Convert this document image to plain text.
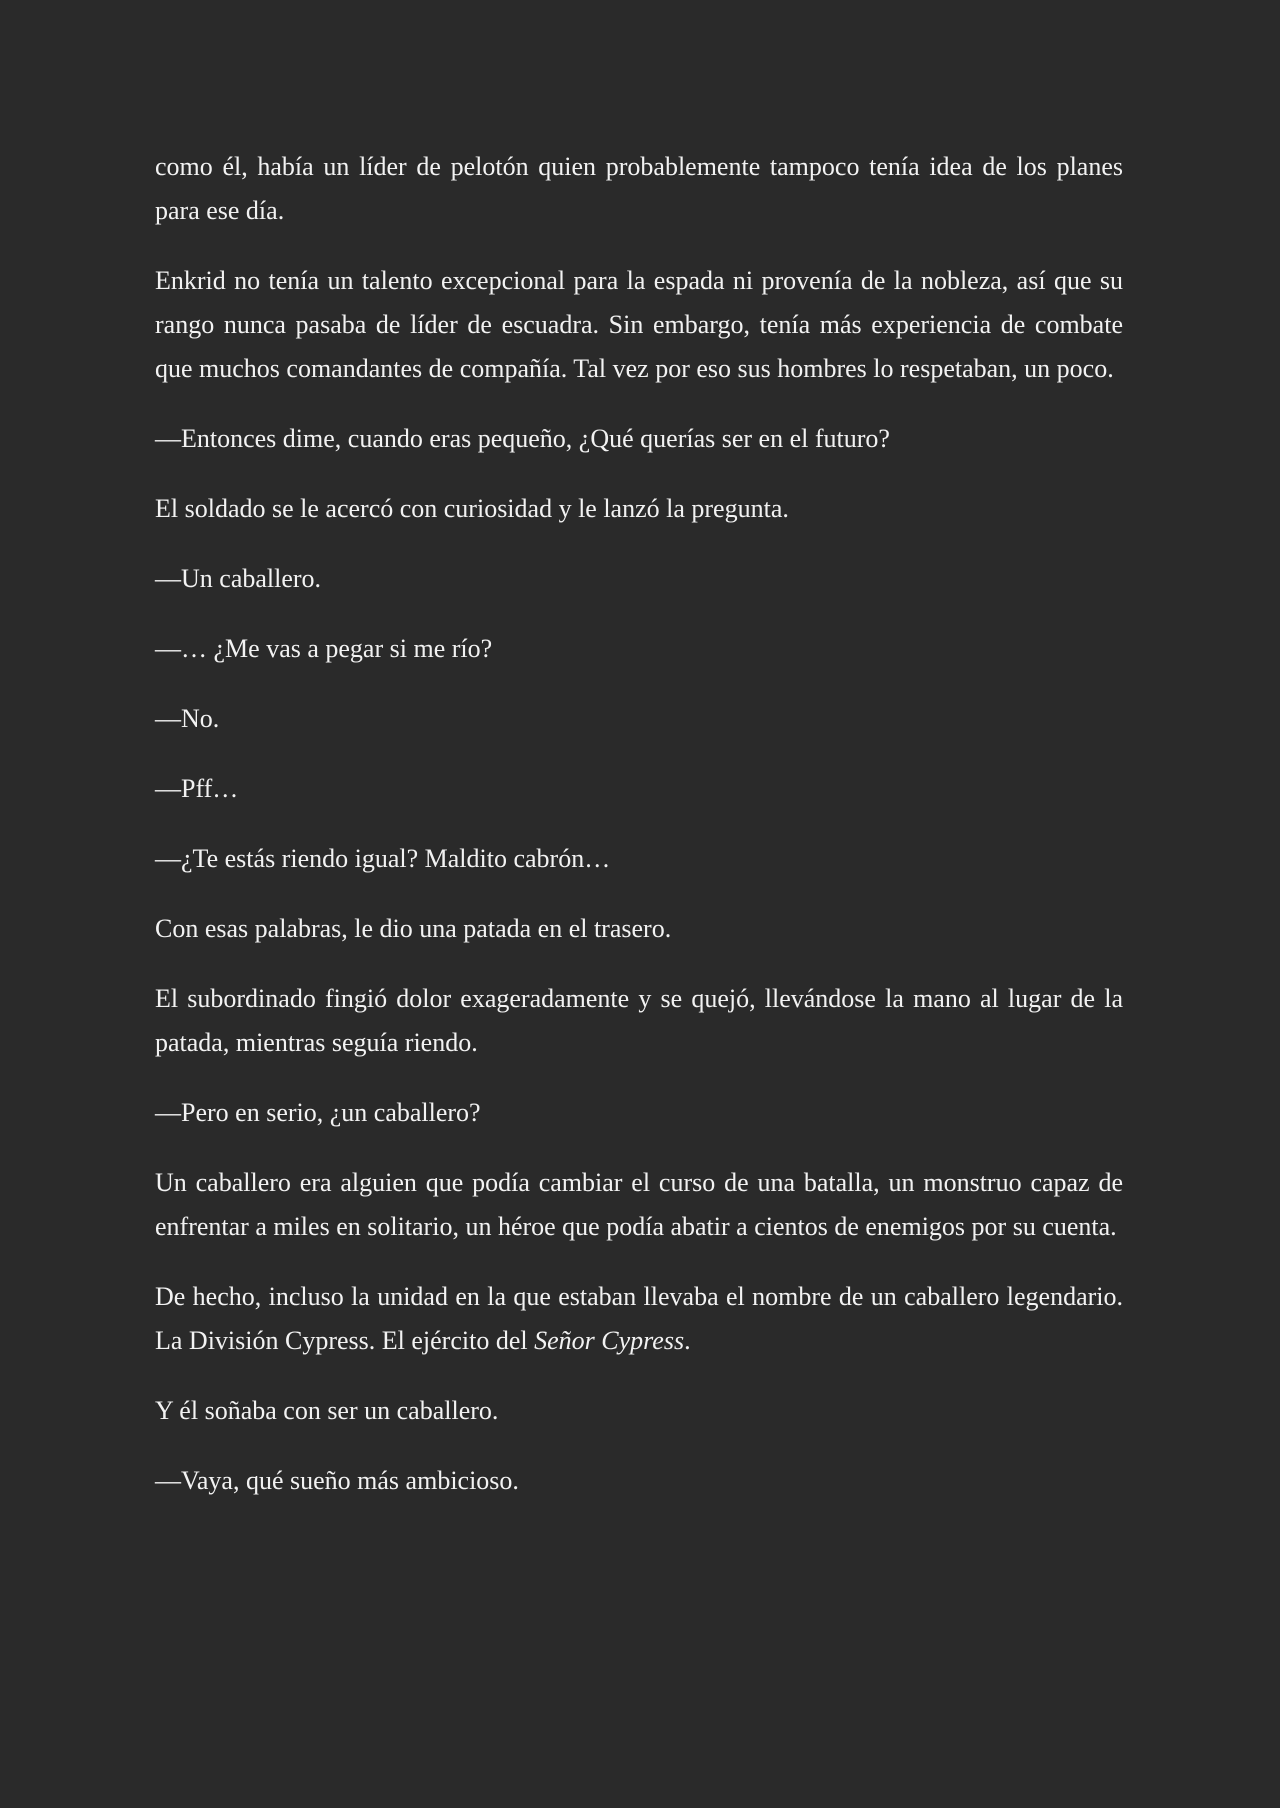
como él, había un líder de pelotón quien probablemente tampoco tenía idea de los planes para ese día.

Enkrid no tenía un talento excepcional para la espada ni provenía de la nobleza, así que su rango nunca pasaba de líder de escuadra. Sin embargo, tenía más experiencia de combate que muchos comandantes de compañía. Tal vez por eso sus hombres lo respetaban, un poco.

—Entonces dime, cuando eras pequeño, ¿Qué querías ser en el futuro?

El soldado se le acercó con curiosidad y le lanzó la pregunta.

—Un caballero.

—… ¿Me vas a pegar si me río?

—No.

—Pff…

—¿Te estás riendo igual? Maldito cabrón…

Con esas palabras, le dio una patada en el trasero.

El subordinado fingió dolor exageradamente y se quejó, llevándose la mano al lugar de la patada, mientras seguía riendo.

—Pero en serio, ¿un caballero?

Un caballero era alguien que podía cambiar el curso de una batalla, un monstruo capaz de enfrentar a miles en solitario, un héroe que podía abatir a cientos de enemigos por su cuenta.

De hecho, incluso la unidad en la que estaban llevaba el nombre de un caballero legendario. La División Cypress. El ejército del Señor Cypress.

Y él soñaba con ser un caballero.

—Vaya, qué sueño más ambicioso.
